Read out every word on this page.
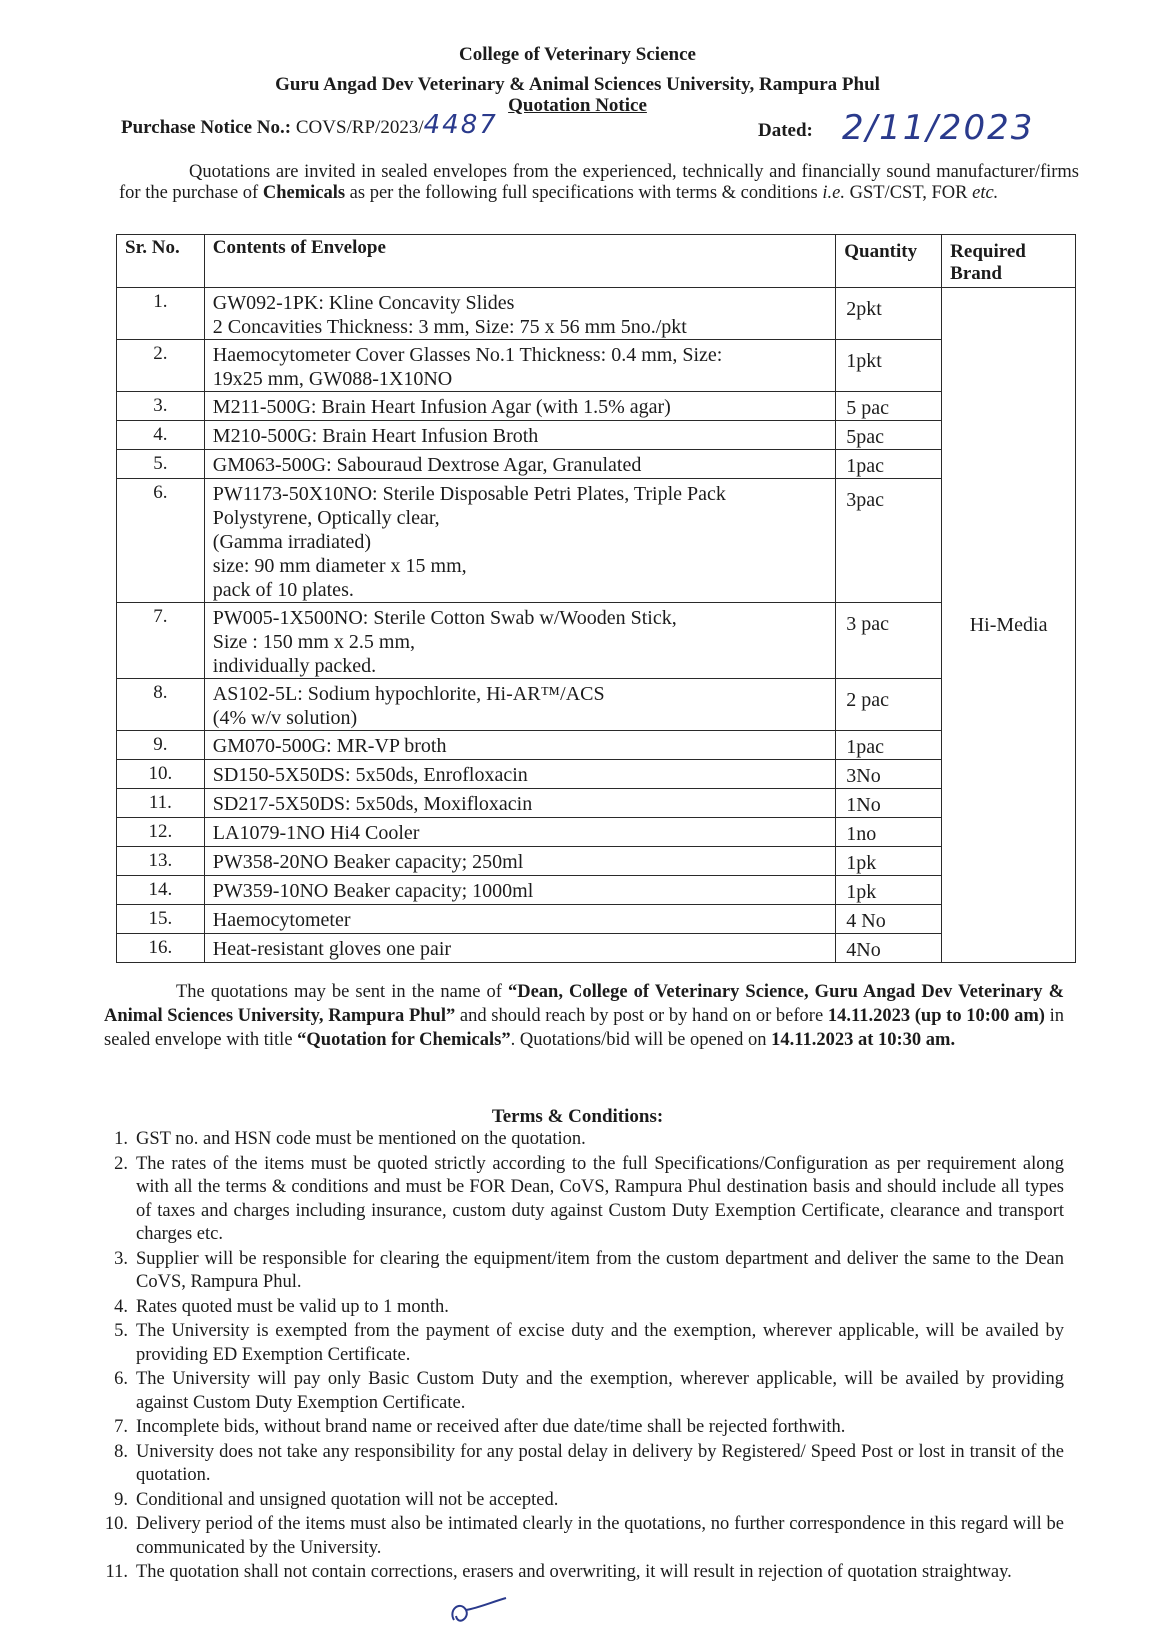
College of Veterinary Science
Guru Angad Dev Veterinary & Animal Sciences University, Rampura Phul
Quotation Notice
Purchase Notice No.: COVS/RP/2023/4487	Dated: 2/11/2023

Quotations are invited in sealed envelopes from the experienced, technically and financially sound manufacturer/firms for the purchase of Chemicals as per the following full specifications with terms & conditions i.e. GST/CST, FOR etc.

Sr. No.	Contents of Envelope	Quantity	Required Brand
1.	GW092-1PK: Kline Concavity Slides
2 Concavities Thickness: 3 mm, Size: 75 x 56 mm 5no./pkt	2pkt	Hi-Media
2.	Haemocytometer Cover Glasses No.1 Thickness: 0.4 mm, Size:
19x25 mm, GW088-1X10NO	1pkt	
3.	M211-500G: Brain Heart Infusion Agar (with 1.5% agar)	5 pac	
4.	M210-500G: Brain Heart Infusion Broth	5pac	
5.	GM063-500G: Sabouraud Dextrose Agar, Granulated	1pac	
6.	PW1173-50X10NO: Sterile Disposable Petri Plates, Triple Pack
Polystyrene, Optically clear,
(Gamma irradiated)
size: 90 mm diameter x 15 mm,
pack of 10 plates.	3pac	
7.	PW005-1X500NO: Sterile Cotton Swab w/Wooden Stick,
Size : 150 mm x 2.5 mm,
individually packed.	3 pac	
8.	AS102-5L: Sodium hypochlorite, Hi-AR™/ACS
(4% w/v solution)	2 pac	
9.	GM070-500G: MR-VP broth	1pac	
10.	SD150-5X50DS: 5x50ds, Enrofloxacin	3No	
11.	SD217-5X50DS: 5x50ds, Moxifloxacin	1No	
12.	LA1079-1NO Hi4 Cooler	1no	
13.	PW358-20NO Beaker capacity; 250ml	1pk	
14.	PW359-10NO Beaker capacity; 1000ml	1pk	
15.	Haemocytometer	4 No	
16.	Heat-resistant gloves one pair	4No	

The quotations may be sent in the name of “Dean, College of Veterinary Science, Guru Angad Dev Veterinary & Animal Sciences University, Rampura Phul” and should reach by post or by hand on or before 14.11.2023 (up to 10:00 am) in sealed envelope with title “Quotation for Chemicals”. Quotations/bid will be opened on 14.11.2023 at 10:30 am.

Terms & Conditions:
1. GST no. and HSN code must be mentioned on the quotation.
2. The rates of the items must be quoted strictly according to the full Specifications/Configuration as per requirement along with all the terms & conditions and must be FOR Dean, CoVS, Rampura Phul destination basis and should include all types of taxes and charges including insurance, custom duty against Custom Duty Exemption Certificate, clearance and transport charges etc.
3. Supplier will be responsible for clearing the equipment/item from the custom department and deliver the same to the Dean CoVS, Rampura Phul.
4. Rates quoted must be valid up to 1 month.
5. The University is exempted from the payment of excise duty and the exemption, wherever applicable, will be availed by providing ED Exemption Certificate.
6. The University will pay only Basic Custom Duty and the exemption, wherever applicable, will be availed by providing against Custom Duty Exemption Certificate.
7. Incomplete bids, without brand name or received after due date/time shall be rejected forthwith.
8. University does not take any responsibility for any postal delay in delivery by Registered/ Speed Post or lost in transit of the quotation.
9. Conditional and unsigned quotation will not be accepted.
10. Delivery period of the items must also be intimated clearly in the quotations, no further correspondence in this regard will be communicated by the University.
11. The quotation shall not contain corrections, erasers and overwriting, it will result in rejection of quotation straightway.
